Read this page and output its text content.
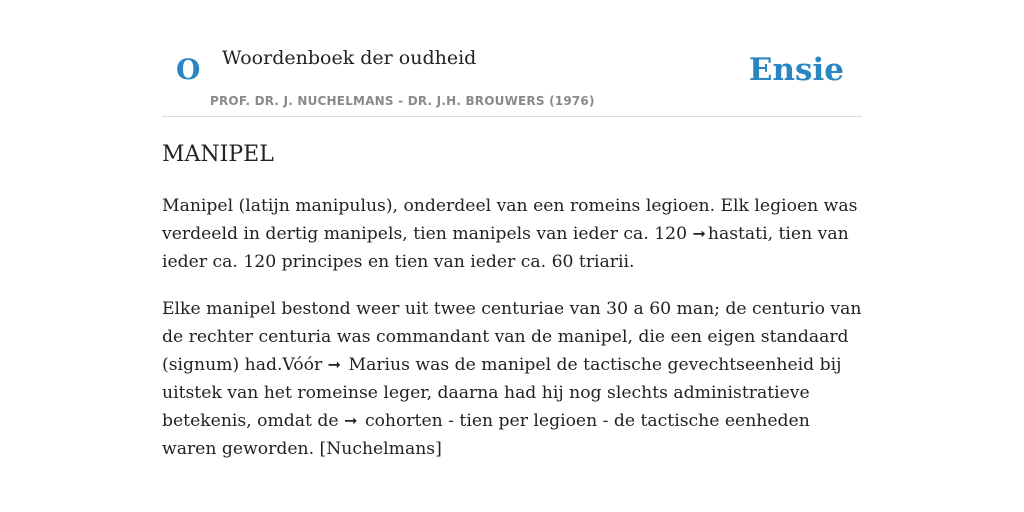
O Woordenboek der oudheid
PROF. DR. J. NUCHELMANS - DR. J.H. BROUWERS (1976)
Ensie
MANIPEL

Manipel (latijn manipulus), onderdeel van een romeins legioen. Elk legioen was verdeeld in dertig manipels, tien manipels van ieder ca. 120 ➞ hastati, tien van ieder ca. 120 principes en tien van ieder ca. 60 triarii.

Elke manipel bestond weer uit twee centuriae van 30 a 60 man; de centurio van de rechter centuria was commandant van de manipel, die een eigen standaard (signum) had.Vóór ➞ Marius was de manipel de tactische gevechtseenheid bij uitstek van het romeinse leger, daarna had hij nog slechts administratieve betekenis, omdat de ➞ cohorten - tien per legioen - de tactische eenheden waren geworden. [Nuchelmans]
